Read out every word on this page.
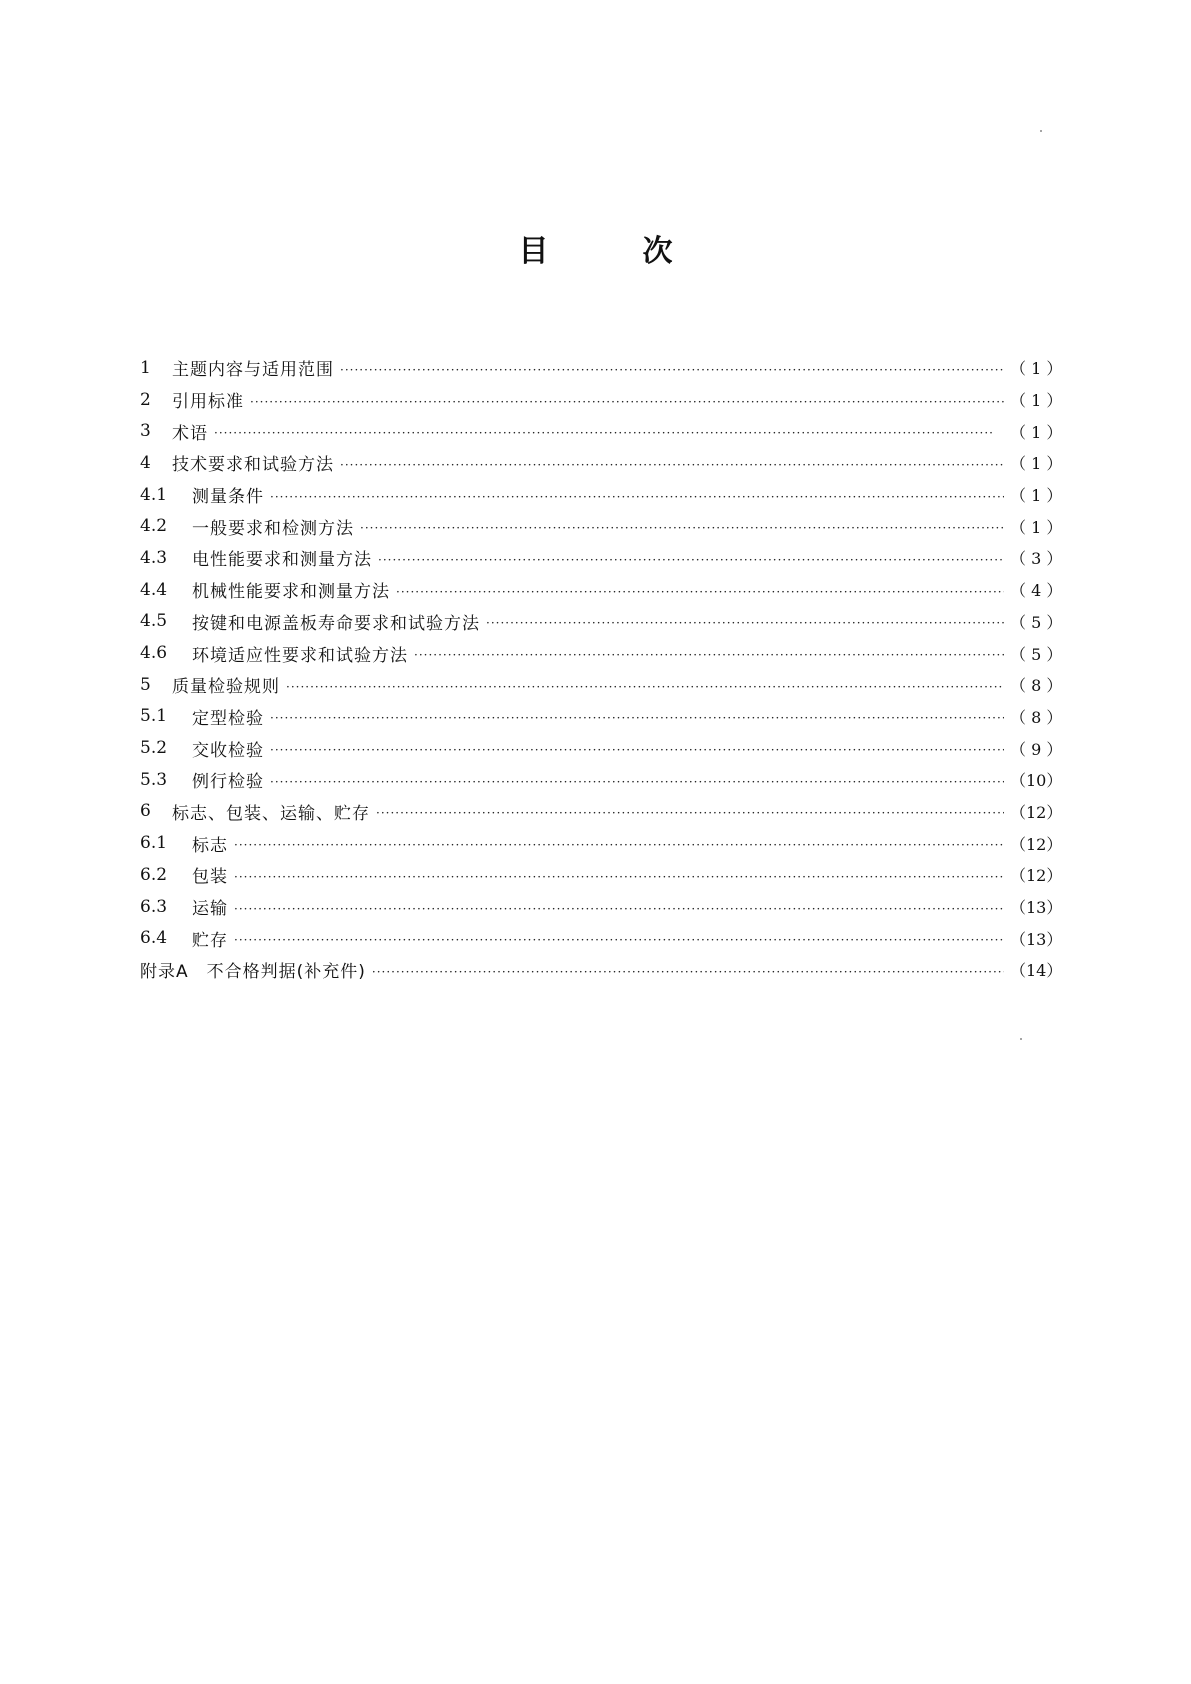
目	次
1	主题内容与适用范围 ·····	（ 1 ）
2	引用标准 ·····	（ 1 ）
3	术语 ·····	（ 1 ）
4	技术要求和试验方法 ·····	（ 1 ）
4.1	测量条件 ·····	（ 1 ）
4.2	一般要求和检测方法 ·····	（ 1 ）
4.3	电性能要求和测量方法 ·····	（ 3 ）
4.4	机械性能要求和测量方法 ·····	（ 4 ）
4.5	按键和电源盖板寿命要求和试验方法 ·····	（ 5 ）
4.6	环境适应性要求和试验方法 ·····	（ 5 ）
5	质量检验规则 ·····	（ 8 ）
5.1	定型检验 ·····	（ 8 ）
5.2	交收检验 ·····	（ 9 ）
5.3	例行检验 ·····	（10）
6	标志、包装、运输、贮存 ·····	（12）
6.1	标志 ·····	（12）
6.2	包装 ·····	（12）
6.3	运输 ·····	（13）
6.4	贮存 ·····	（13）
附录A　不合格判据(补充件) ·····	（14）
